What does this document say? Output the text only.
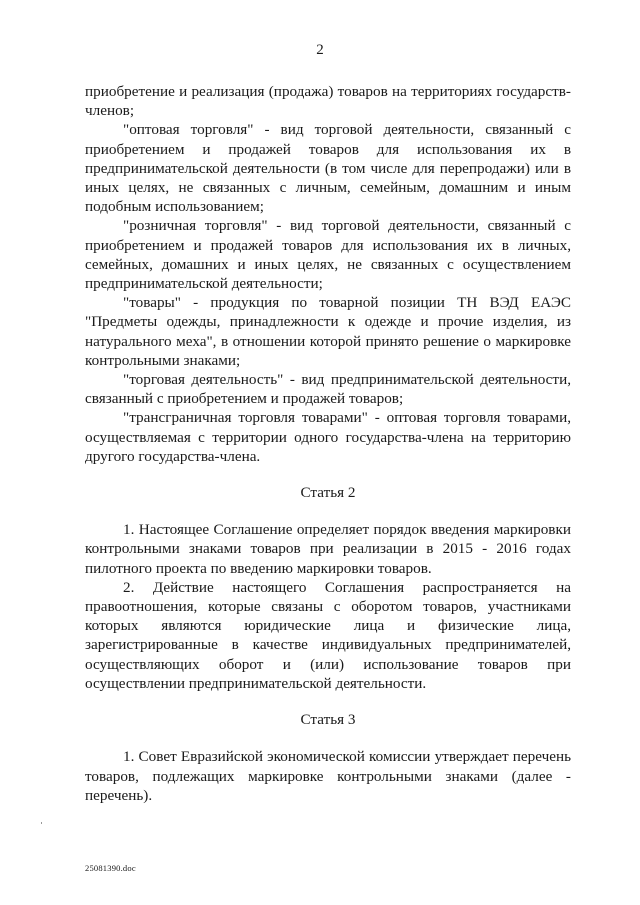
2

приобретение и реализация (продажа) товаров на территориях государств-членов;

"оптовая торговля" - вид торговой деятельности, связанный с приобретением и продажей товаров для использования их в предпринимательской деятельности (в том числе для перепродажи) или в иных целях, не связанных с личным, семейным, домашним и иным подобным использованием;

"розничная торговля" - вид торговой деятельности, связанный с приобретением и продажей товаров для использования их в личных, семейных, домашних и иных целях, не связанных с осуществлением предпринимательской деятельности;

"товары" - продукция по товарной позиции ТН ВЭД ЕАЭС "Предметы одежды, принадлежности к одежде и прочие изделия, из натурального меха", в отношении которой принято решение о маркировке контрольными знаками;

"торговая деятельность" - вид предпринимательской деятельности, связанный с приобретением и продажей товаров;

"трансграничная торговля товарами" - оптовая торговля товарами, осуществляемая с территории одного государства-члена на территорию другого государства-члена.

Статья 2

1. Настоящее Соглашение определяет порядок введения маркировки контрольными знаками товаров при реализации в 2015 - 2016 годах пилотного проекта по введению маркировки товаров.

2. Действие настоящего Соглашения распространяется на правоотношения, которые связаны с оборотом товаров, участниками которых являются юридические лица и физические лица, зарегистрированные в качестве индивидуальных предпринимателей, осуществляющих оборот и (или) использование товаров при осуществлении предпринимательской деятельности.

Статья 3

1. Совет Евразийской экономической комиссии утверждает перечень товаров, подлежащих маркировке контрольными знаками (далее - перечень).

25081390.doc
